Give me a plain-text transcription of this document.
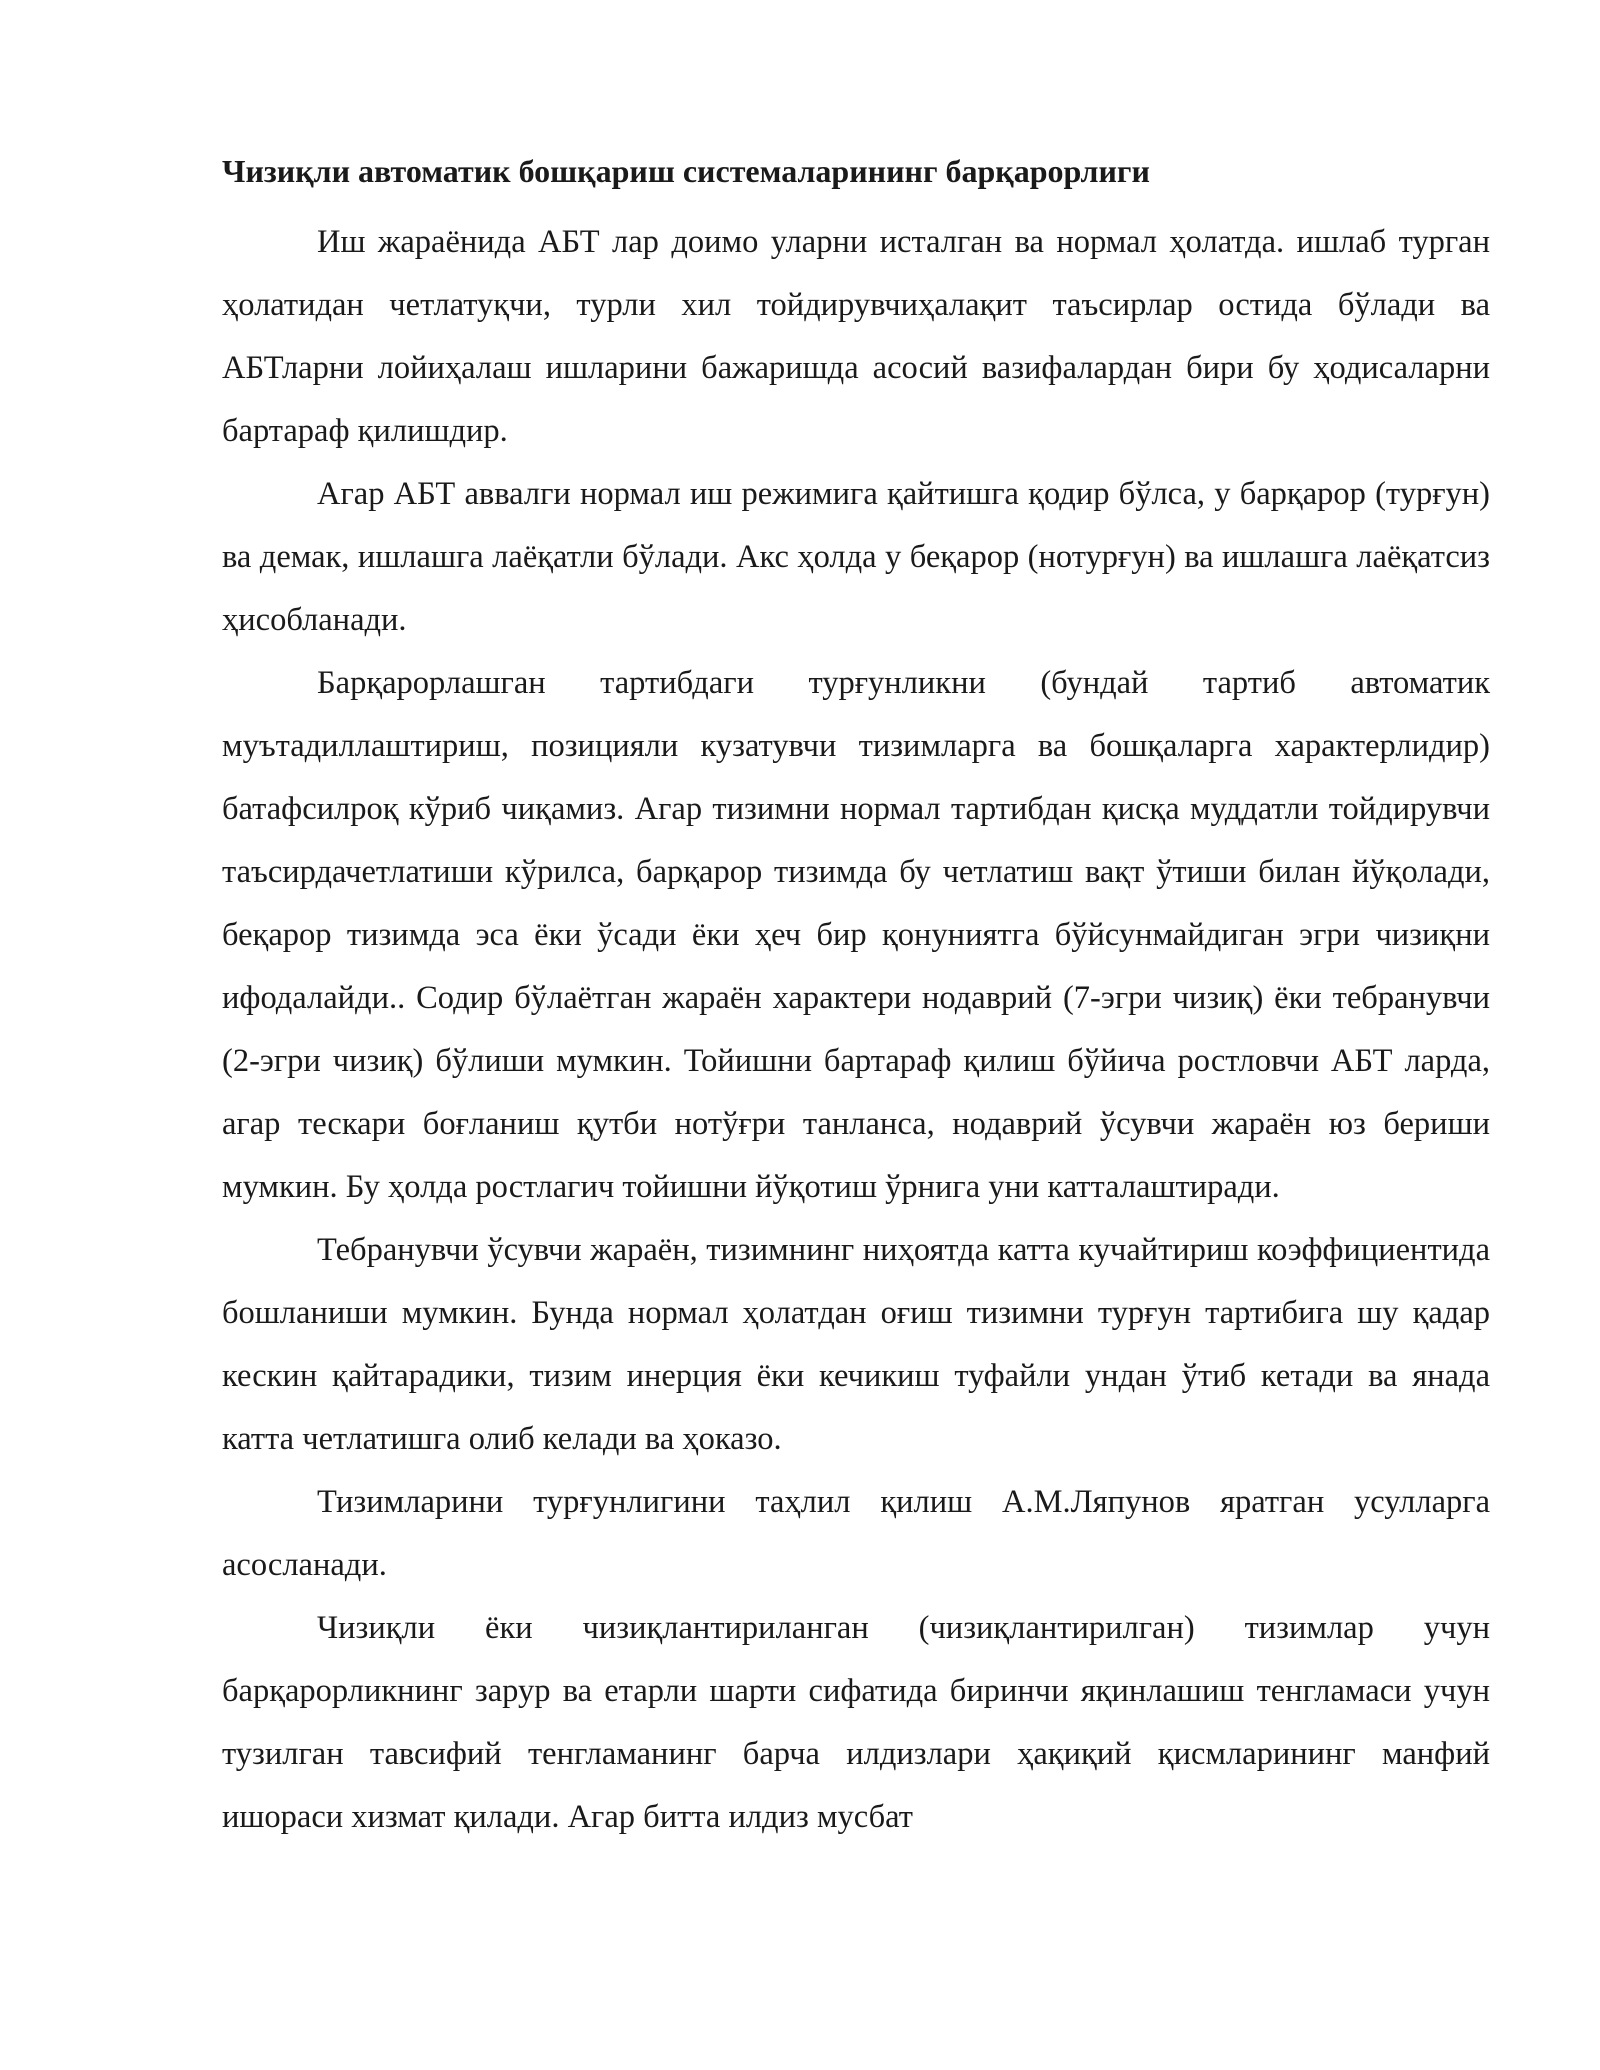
Чизиқли автоматик бошқариш системаларининг барқарорлиги

Иш жараёнида АБТ лар доимо уларни исталган ва нормал ҳолатда. ишлаб турган ҳолатидан четлатуқчи, турли хил тойдирувчиҳалақит таъсирлар остида бўлади ва АБТларни лойиҳалаш ишларини бажаришда асосий вазифалардан бири бу ҳодисаларни бартараф қилишдир.

Агар АБТ аввалги нормал иш режимига қайтишга қодир бўлса, у барқарор (турғун) ва демак, ишлашга лаёқатли бўлади. Акс ҳолда у беқарор (нотурғун) ва ишлашга лаёқатсиз ҳисобланади.

Барқарорлашган тартибдаги турғунликни (бундай тартиб автоматик муътадиллаштириш, позицияли кузатувчи тизимларга ва бошқаларга характерлидир) батафсилроқ кўриб чиқамиз. Агар тизимни нормал тартибдан қисқа муддатли тойдирувчи таъсирдачетлатиши кўрилса, барқарор тизимда бу четлатиш вақт ўтиши билан йўқолади, беқарор тизимда эса ёки ўсади ёки ҳеч бир қонуниятга бўйсунмайдиган эгри чизиқни ифодалайди.. Содир бўлаётган жараён характери нодаврий (7-эгри чизиқ) ёки тебранувчи (2-эгри чизиқ) бўлиши мумкин. Тойишни бартараф қилиш бўйича ростловчи АБТ ларда, агар тескари боғланиш қутби нотўғри танланса, нодаврий ўсувчи жараён юз бериши мумкин. Бу ҳолда ростлагич тойишни йўқотиш ўрнига уни катталаштиради.

Тебранувчи ўсувчи жараён, тизимнинг ниҳоятда катта кучайтириш коэффициентида бошланиши мумкин. Бунда нормал ҳолатдан оғиш тизимни турғун тартибига шу қадар кескин қайтарадики, тизим инерция ёки кечикиш туфайли ундан ўтиб кетади ва янада катта четлатишга олиб келади ва ҳоказо.

Тизимларини турғунлигини таҳлил қилиш А.М.Ляпунов яратган усулларга асосланади.

Чизиқли ёки чизиқлантириланган (чизиқлантирилган) тизимлар учун барқарорликнинг зарур ва етарли шарти сифатида биринчи яқинлашиш тенгламаси учун тузилган тавсифий тенгламанинг барча илдизлари ҳақиқий қисмларининг манфий ишораси хизмат қилади. Агар битта илдиз мусбат
